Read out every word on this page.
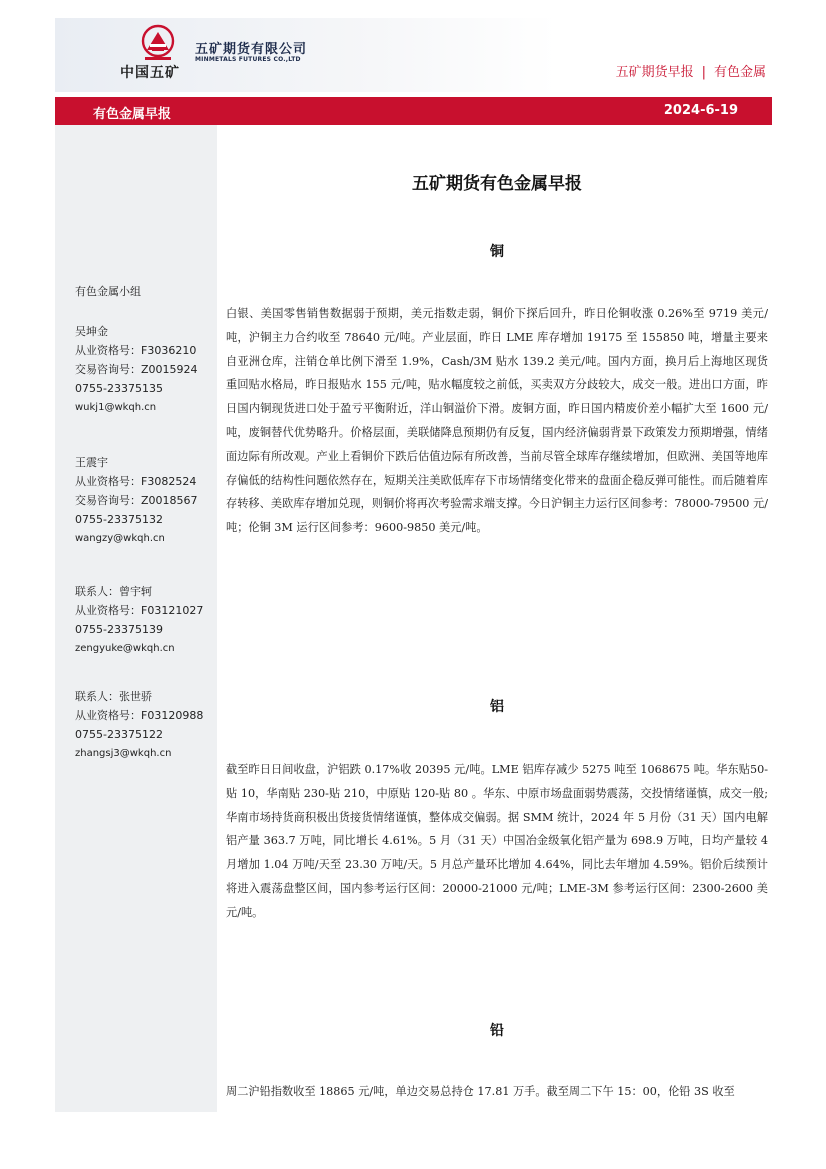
中国五矿
五矿期货有限公司
MINMETALS FUTURES CO.,LTD
五矿期货早报 | 有色金属
有色金属早报	2024-6-19
有色金属小组
吴坤金
从业资格号：F3036210
交易咨询号：Z0015924
0755-23375135
wukj1@wkqh.cn
王震宇
从业资格号：F3082524
交易咨询号：Z0018567
0755-23375132
wangzy@wkqh.cn
联系人：曾宇轲
从业资格号：F03121027
0755-23375139
zengyuke@wkqh.cn
联系人：张世骄
从业资格号：F03120988
0755-23375122
zhangsj3@wkqh.cn
五矿期货有色金属早报
铜

白银、美国零售销售数据弱于预期，美元指数走弱，铜价下探后回升，昨日伦铜收涨 0.26%至 9719 美元/吨，沪铜主力合约收至 78640 元/吨。产业层面，昨日 LME 库存增加 19175 至 155850 吨，增量主要来自亚洲仓库，注销仓单比例下滑至 1.9%，Cash/3M 贴水 139.2 美元/吨。国内方面，换月后上海地区现货重回贴水格局，昨日报贴水 155 元/吨，贴水幅度较之前低，买卖双方分歧较大，成交一般。进出口方面，昨日国内铜现货进口处于盈亏平衡附近，洋山铜溢价下滑。废铜方面，昨日国内精废价差小幅扩大至 1600 元/吨，废铜替代优势略升。价格层面，美联储降息预期仍有反复，国内经济偏弱背景下政策发力预期增强，情绪面边际有所改观。产业上看铜价下跌后估值边际有所改善，当前尽管全球库存继续增加，但欧洲、美国等地库存偏低的结构性问题依然存在，短期关注美欧低库存下市场情绪变化带来的盘面企稳反弹可能性。而后随着库存转移、美欧库存增加兑现，则铜价将再次考验需求端支撑。今日沪铜主力运行区间参考：78000-79500 元/吨；伦铜 3M 运行区间参考：9600-9850 美元/吨。

铝

截至昨日日间收盘，沪铝跌 0.17%收 20395 元/吨。LME 铝库存减少 5275 吨至 1068675 吨。华东贴50-贴 10，华南贴 230-贴 210，中原贴 120-贴 80 。华东、中原市场盘面弱势震荡，交投情绪谨慎，成交一般;华南市场持货商积极出货接货情绪谨慎，整体成交偏弱。据 SMM 统计，2024 年 5 月份（31 天）国内电解铝产量 363.7 万吨，同比增长 4.61%。5 月（31 天）中国冶金级氧化铝产量为 698.9 万吨，日均产量较 4 月增加 1.04 万吨/天至 23.30 万吨/天。5 月总产量环比增加 4.64%，同比去年增加 4.59%。铝价后续预计将进入震荡盘整区间，国内参考运行区间：20000-21000 元/吨；LME-3M 参考运行区间：2300-2600 美元/吨。

铅

周二沪铅指数收至 18865 元/吨，单边交易总持仓 17.81 万手。截至周二下午 15：00，伦铅 3S 收至
